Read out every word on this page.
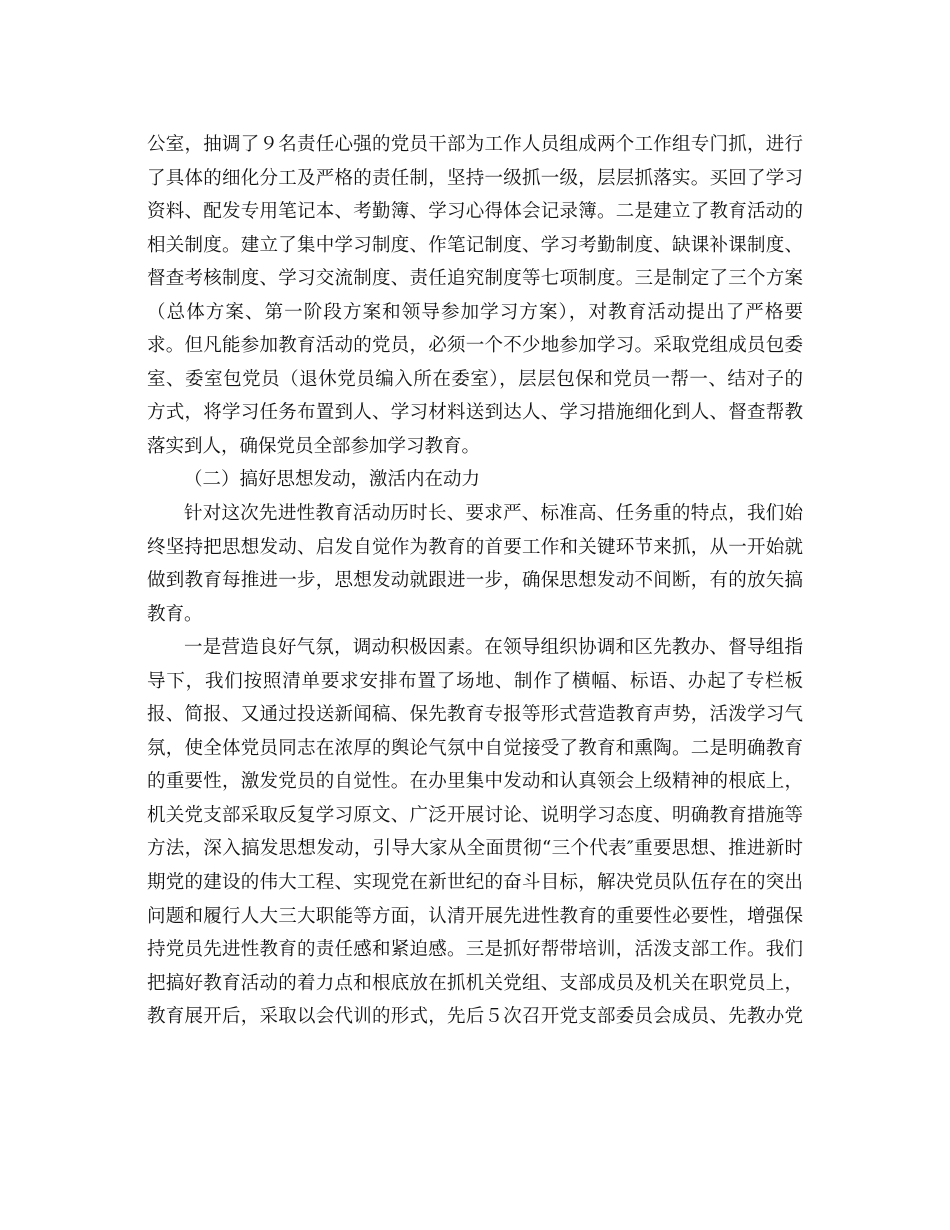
公室，抽调了９名责任心强的党员干部为工作人员组成两个工作组专门抓，进行
了具体的细化分工及严格的责任制，坚持一级抓一级，层层抓落实。买回了学习
资料、配发专用笔记本、考勤簿、学习心得体会记录簿。二是建立了教育活动的
相关制度。建立了集中学习制度、作笔记制度、学习考勤制度、缺课补课制度、
督查考核制度、学习交流制度、责任追究制度等七项制度。三是制定了三个方案
（总体方案、第一阶段方案和领导参加学习方案），对教育活动提出了严格要
求。但凡能参加教育活动的党员，必须一个不少地参加学习。采取党组成员包委
室、委室包党员（退休党员编入所在委室），层层包保和党员一帮一、结对子的
方式，将学习任务布置到人、学习材料送到达人、学习措施细化到人、督查帮教
落实到人，确保党员全部参加学习教育。
（二）搞好思想发动，激活内在动力
针对这次先进性教育活动历时长、要求严、标准高、任务重的特点，我们始
终坚持把思想发动、启发自觉作为教育的首要工作和关键环节来抓，从一开始就
做到教育每推进一步，思想发动就跟进一步，确保思想发动不间断，有的放矢搞
教育。
一是营造良好气氛，调动积极因素。在领导组织协调和区先教办、督导组指
导下，我们按照清单要求安排布置了场地、制作了横幅、标语、办起了专栏板
报、简报、又通过投送新闻稿、保先教育专报等形式营造教育声势，活泼学习气
氛，使全体党员同志在浓厚的舆论气氛中自觉接受了教育和熏陶。二是明确教育
的重要性，激发党员的自觉性。在办里集中发动和认真领会上级精神的根底上，
机关党支部采取反复学习原文、广泛开展讨论、说明学习态度、明确教育措施等
方法，深入搞发思想发动，引导大家从全面贯彻“三个代表″重要思想、推进新时
期党的建设的伟大工程、实现党在新世纪的奋斗目标，解决党员队伍存在的突出
问题和履行人大三大职能等方面，认清开展先进性教育的重要性必要性，增强保
持党员先进性教育的责任感和紧迫感。三是抓好帮带培训，活泼支部工作。我们
把搞好教育活动的着力点和根底放在抓机关党组、支部成员及机关在职党员上，
教育展开后，采取以会代训的形式，先后５次召开党支部委员会成员、先教办党
